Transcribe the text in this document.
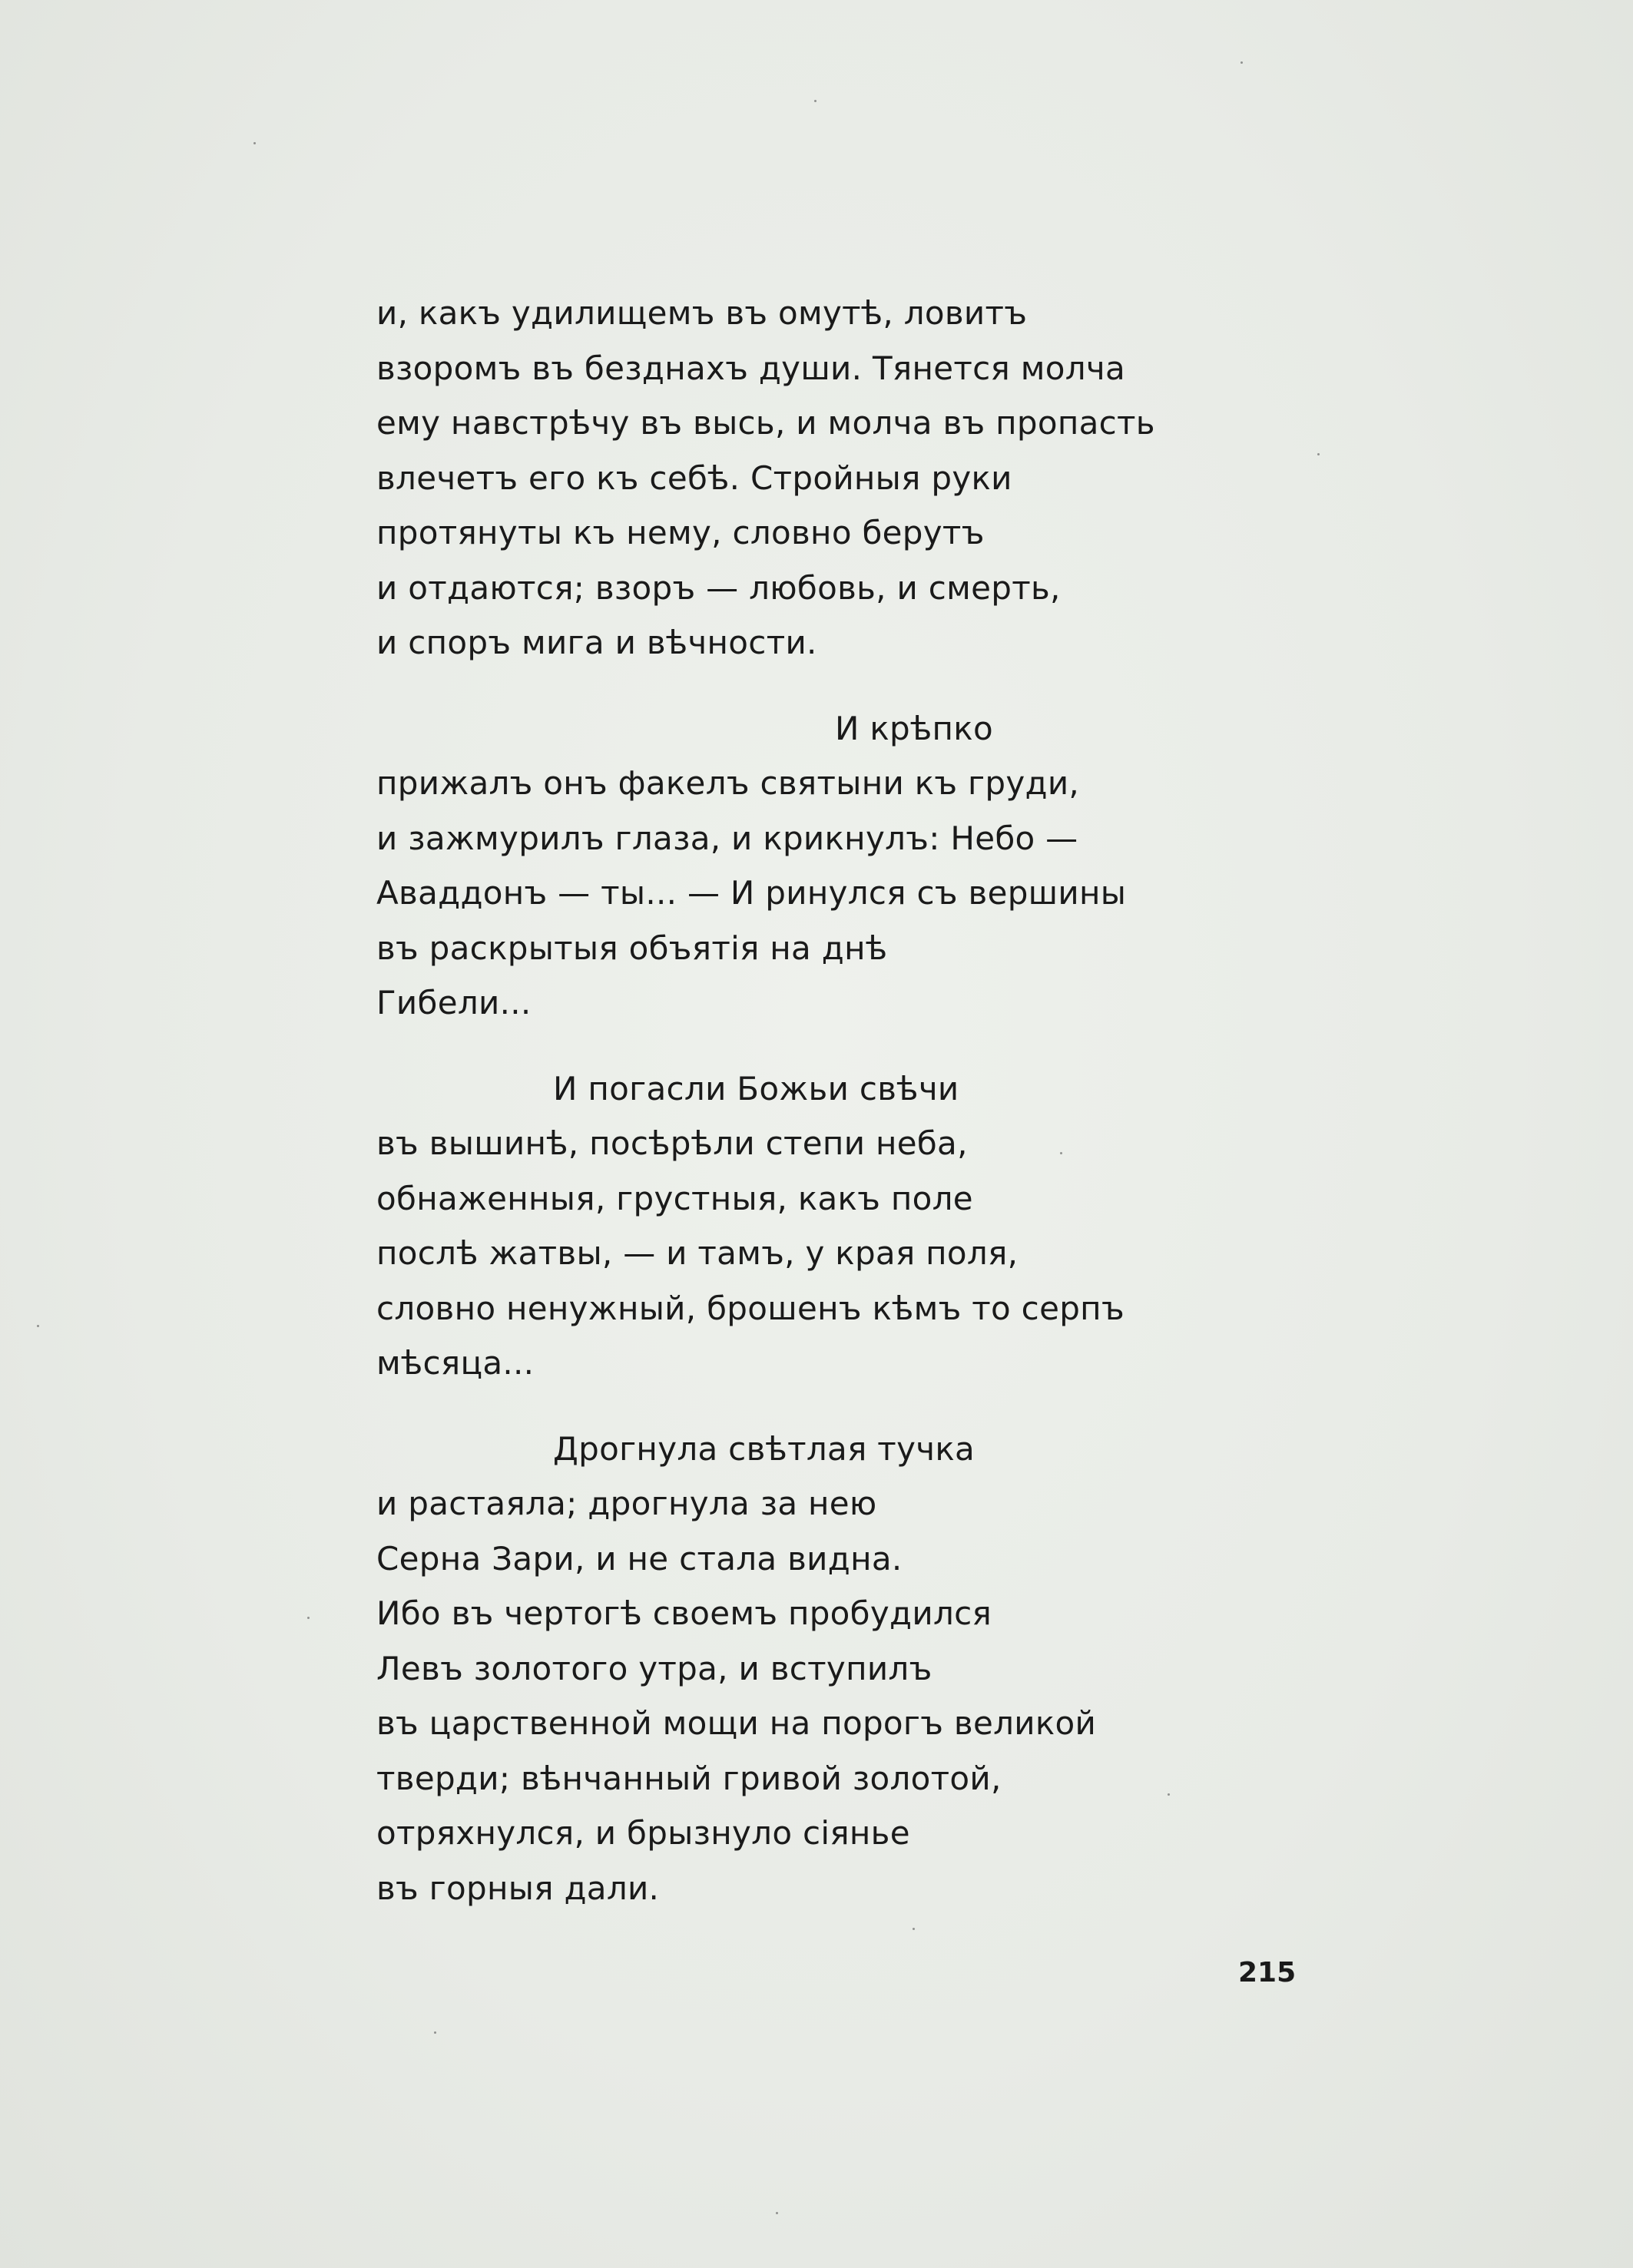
и, какъ удилищемъ въ омутѣ, ловитъ
взоромъ въ безднахъ души. Тянется молча
ему навстрѣчу въ высь, и молча въ пропасть
влечетъ его къ себѣ. Стройныя руки
протянуты къ нему, словно берутъ
и отдаются; взоръ — любовь, и смерть,
и споръ мига и вѣчности.
И крѣпко
прижалъ онъ факелъ святыни къ груди,
и зажмурилъ глаза, и крикнулъ: Небо —
Аваддонъ — ты... — И ринулся съ вершины
въ раскрытыя объятія на днѣ
Гибели...
И погасли Божьи свѣчи
въ вышинѣ, посѣрѣли степи неба,
обнаженныя, грустныя, какъ поле
послѣ жатвы, — и тамъ, у края поля,
словно ненужный, брошенъ кѣмъ то серпъ
мѣсяца...
Дрогнула свѣтлая тучка
и растаяла; дрогнула за нею
Серна Зари, и не стала видна.
Ибо въ чертогѣ своемъ пробудился
Левъ золотого утра, и вступилъ
въ царственной мощи на порогъ великой
тверди; вѣнчанный гривой золотой,
отряхнулся, и брызнуло сіянье
въ горныя дали.
215
